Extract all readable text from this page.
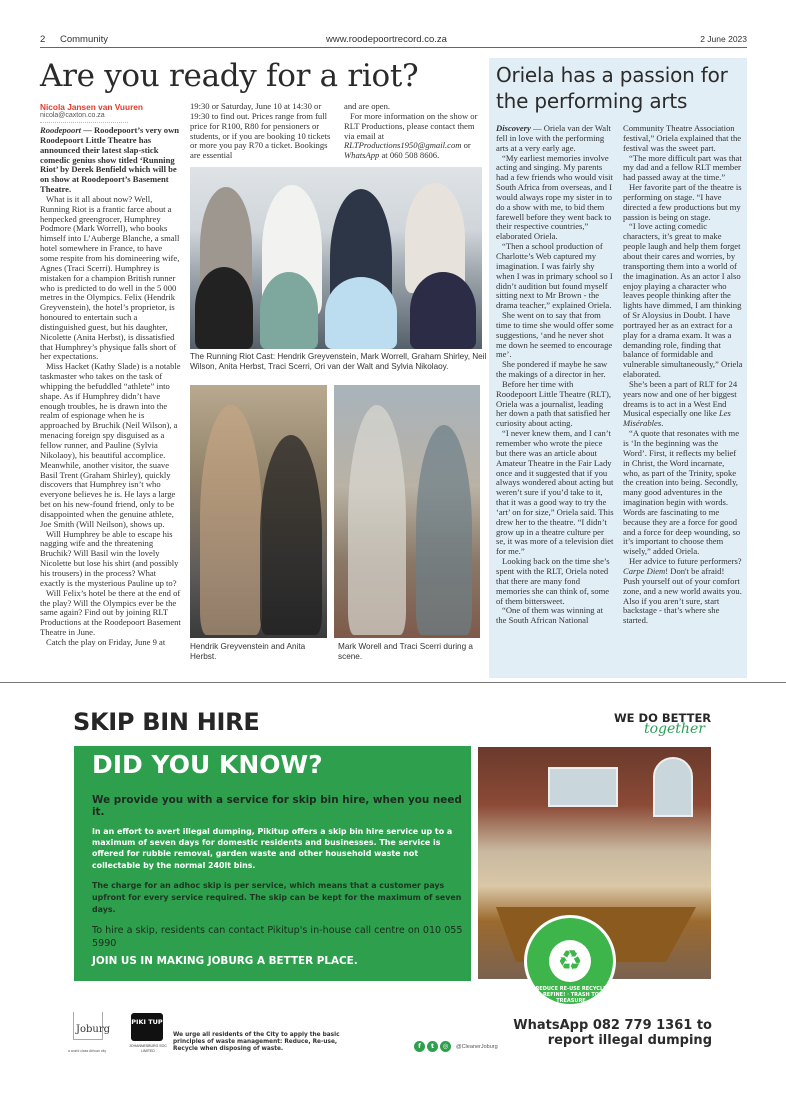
2 Community	www.roodepoortrecord.co.za	2 June 2023
Are you ready for a riot?
Nicola Jansen van Vuuren
nicola@caxton.co.za

Roodepoort — Roodepoort’s very own Roodepoort Little Theatre has announced their latest slap-stick comedic genius show titled ‘Running Riot’ by Derek Benfield which will be on show at Roodepoort’s Basement Theatre.

What is it all about now? Well, Running Riot is a frantic farce about a henpecked greengrocer, Humphrey Podmore (Mark Worrell), who books himself into L’Auberge Blanche, a small hotel somewhere in France, to have some respite from his domineering wife, Agnes (Traci Scerri). Humphrey is mistaken for a champion British runner who is predicted to do well in the 5 000 metres in the Olympics. Felix (Hendrik Greyvenstein), the hotel’s proprietor, is honoured to entertain such a distinguished guest, but his daughter, Nicolette (Anita Herbst), is dissatisfied that Humphrey’s physique falls short of her expectations.

Miss Hacket (Kathy Slade) is a notable taskmaster who takes on the task of whipping the befuddled “athlete” into shape. As if Humphrey didn’t have enough troubles, he is drawn into the realm of espionage when he is approached by Bruchik (Neil Wilson), a menacing foreign spy disguised as a fellow runner, and Pauline (Sylvia Nikolaoy), his beautiful accomplice. Meanwhile, another visitor, the suave Basil Trent (Graham Shirley), quickly discovers that Humphrey isn’t who everyone believes he is. He lays a large bet on his new-found friend, only to be disappointed when the genuine athlete, Joe Smith (Will Neilson), shows up.

Will Humphrey be able to escape his nagging wife and the threatening Bruchik? Will Basil win the lovely Nicolette but lose his shirt (and possibly his trousers) in the process? What exactly is the mysterious Pauline up to?

Will Felix’s hotel be there at the end of the play? Will the Olympics ever be the same again? Find out by joining RLT Productions at the Roodepoort Basement Theatre in June.

Catch the play on Friday, June 9 at

19:30 or Saturday, June 10 at 14:30 or 19:30 to find out. Prices range from full price for R100, R80 for pensioners or students, or if you are booking 10 tickets or more you pay R70 a ticket. Bookings are essential

and are open.

For more information on the show or RLT Productions, please contact them via email at RLTProductions1950@gmail.com or WhatsApp at 060 508 8606.

The Running Riot Cast: Hendrik Greyvenstein, Mark Worrell, Graham Shirley, Neil Wilson, Anita Herbst, Traci Scerri, Ori van der Walt and Sylvia Nikolaoy.
Hendrik Greyvenstein and Anita Herbst.
Mark Worell and Traci Scerri during a scene.
Oriela has a passion for the performing arts

Discovery — Oriela van der Walt fell in love with the performing arts at a very early age.

“My earliest memories involve acting and singing. My parents had a few friends who would visit South Africa from overseas, and I would always rope my sister in to do a show with me, to bid them farewell before they went back to their respective countries,” elaborated Oriela.

“Then a school production of Charlotte’s Web captured my imagination. I was fairly shy when I was in primary school so I didn’t audition but found myself sitting next to Mr Brown - the drama teacher,” explained Oriela.

She went on to say that from time to time she would offer some suggestions, ‘and he never shot me down he seemed to encourage me’.

She pondered if maybe he saw the makings of a director in her.

Before her time with Roodepoort Little Theatre (RLT), Oriela was a journalist, leading her down a path that satisfied her curiosity about acting.

“I never knew them, and I can’t remember who wrote the piece but there was an article about Amateur Theatre in the Fair Lady once and it suggested that if you always wondered about acting but weren’t sure if you’d take to it, that it was a good way to try the ‘art’ on for size,” Oriela said. This drew her to the theatre. “I didn’t grow up in a theatre culture per se, it was more of a television diet for me.”

Looking back on the time she’s spent with the RLT, Oriela noted that there are many fond memories she can think of, some of them bittersweet.

“One of them was winning at the South African National

Community Theatre Association festival,” Oriela explained that the festival was the sweet part.

“The more difficult part was that my dad and a fellow RLT member had passed away at the time.”

Her favorite part of the theatre is performing on stage. “I have directed a few productions but my passion is being on stage.

“I love acting comedic characters, it’s great to make people laugh and help them forget about their cares and worries, by transporting them into a world of the imagination. As an actor I also enjoy playing a character who leaves people thinking after the lights have dimmed, I am thinking of Sr Aloysius in Doubt. I have portrayed her as an extract for a play for a drama exam. It was a demanding role, finding that balance of formidable and vulnerable simultaneously,” Oriela elaborated.

She’s been a part of RLT for 24 years now and one of her biggest dreams is to act in a West End Musical especially one like Les Misérables.

“A quote that resonates with me is ‘In the beginning was the Word’. First, it reflects my belief in Christ, the Word incarnate, who, as part of the Trinity, spoke the creation into being. Secondly, many good adventures in the imagination begin with words. Words are fascinating to me because they are a force for good and a force for deep wounding, so it’s important to choose them wisely,” added Oriela.

Her advice to future performers? Carpe Diem! Don't be afraid! Push yourself out of your comfort zone, and a new world awaits you. Also if you aren’t sure, start backstage - that’s where she started.

SKIP BIN HIRE	WE DO BETTER
together
DID YOU KNOW?
We provide you with a service for skip bin hire, when you need it.
In an effort to avert illegal dumping, Pikitup offers a skip bin hire service up to a maximum of seven days for domestic residents and businesses. The service is offered for rubble removal, garden waste and other household waste not collectable by the normal 240lt bins.
The charge for an adhoc skip is per service, which means that a customer pays upfront for every service required. The skip can be kept for the maximum of seven days.
To hire a skip, residents can contact Pikitup's in-house call centre on 010 055 5990
JOIN US IN MAKING JOBURG A BETTER PLACE.	♻
REDUCE RE-USE RECYCLE REFINE! · TRASH TO TREASURE
Joburg
a world class African city
PIKI TUP
JOHANNESBURG SOC LIMITED
We urge all residents of the City to apply the basic principles of waste management: Reduce, Re-use, Recycle when disposing of waste.	f	t	◎	@CleanerJoburg
WhatsApp 082 779 1361 to report illegal dumping
